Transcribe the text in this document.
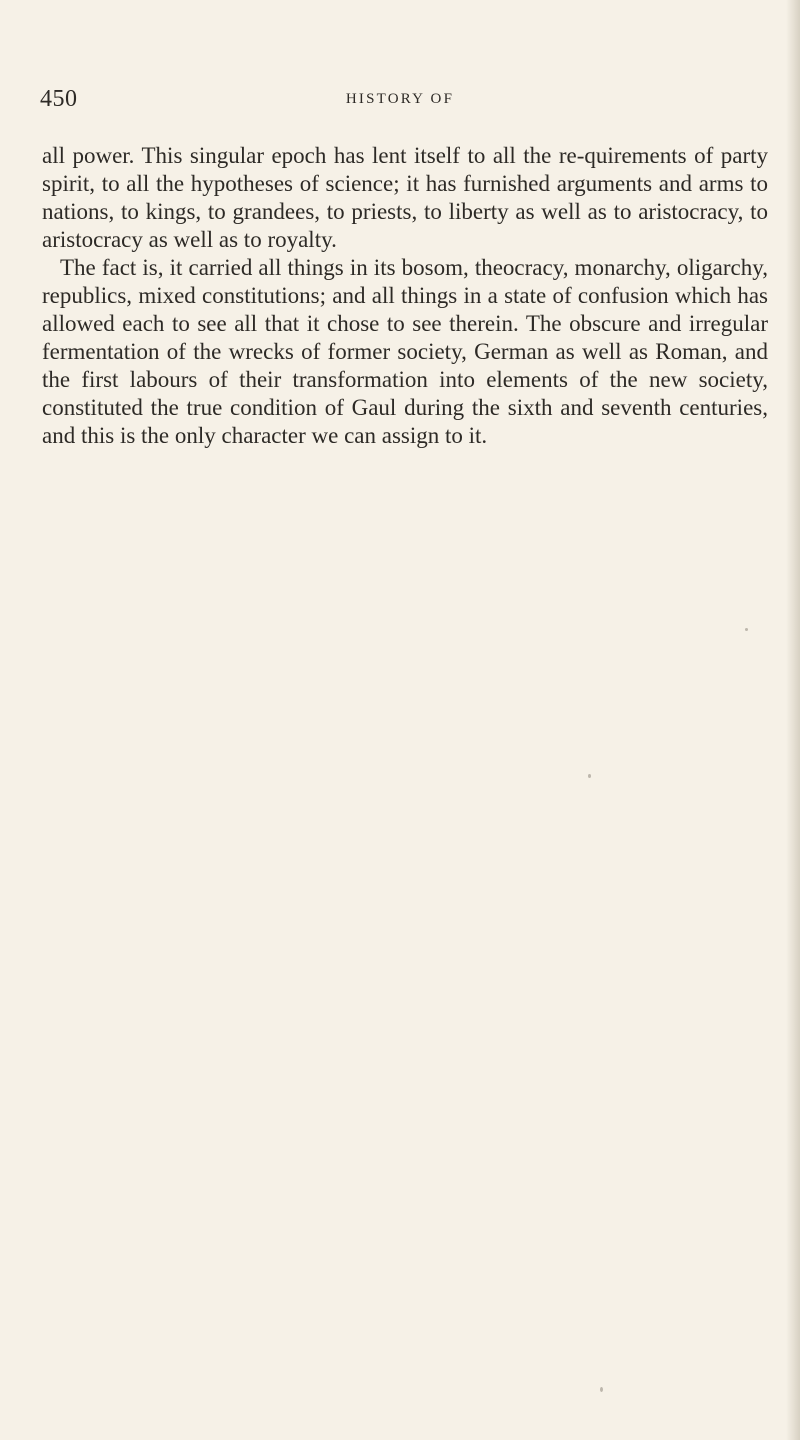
450	HISTORY OF

all power. This singular epoch has lent itself to all the re-quirements of party spirit, to all the hypotheses of science; it has furnished arguments and arms to nations, to kings, to grandees, to priests, to liberty as well as to aristocracy, to aristocracy as well as to royalty.

The fact is, it carried all things in its bosom, theocracy, monarchy, oligarchy, republics, mixed constitutions; and all things in a state of confusion which has allowed each to see all that it chose to see therein. The obscure and irregular fermentation of the wrecks of former society, German as well as Roman, and the first labours of their transformation into elements of the new society, constituted the true condition of Gaul during the sixth and seventh centuries, and this is the only character we can assign to it.
